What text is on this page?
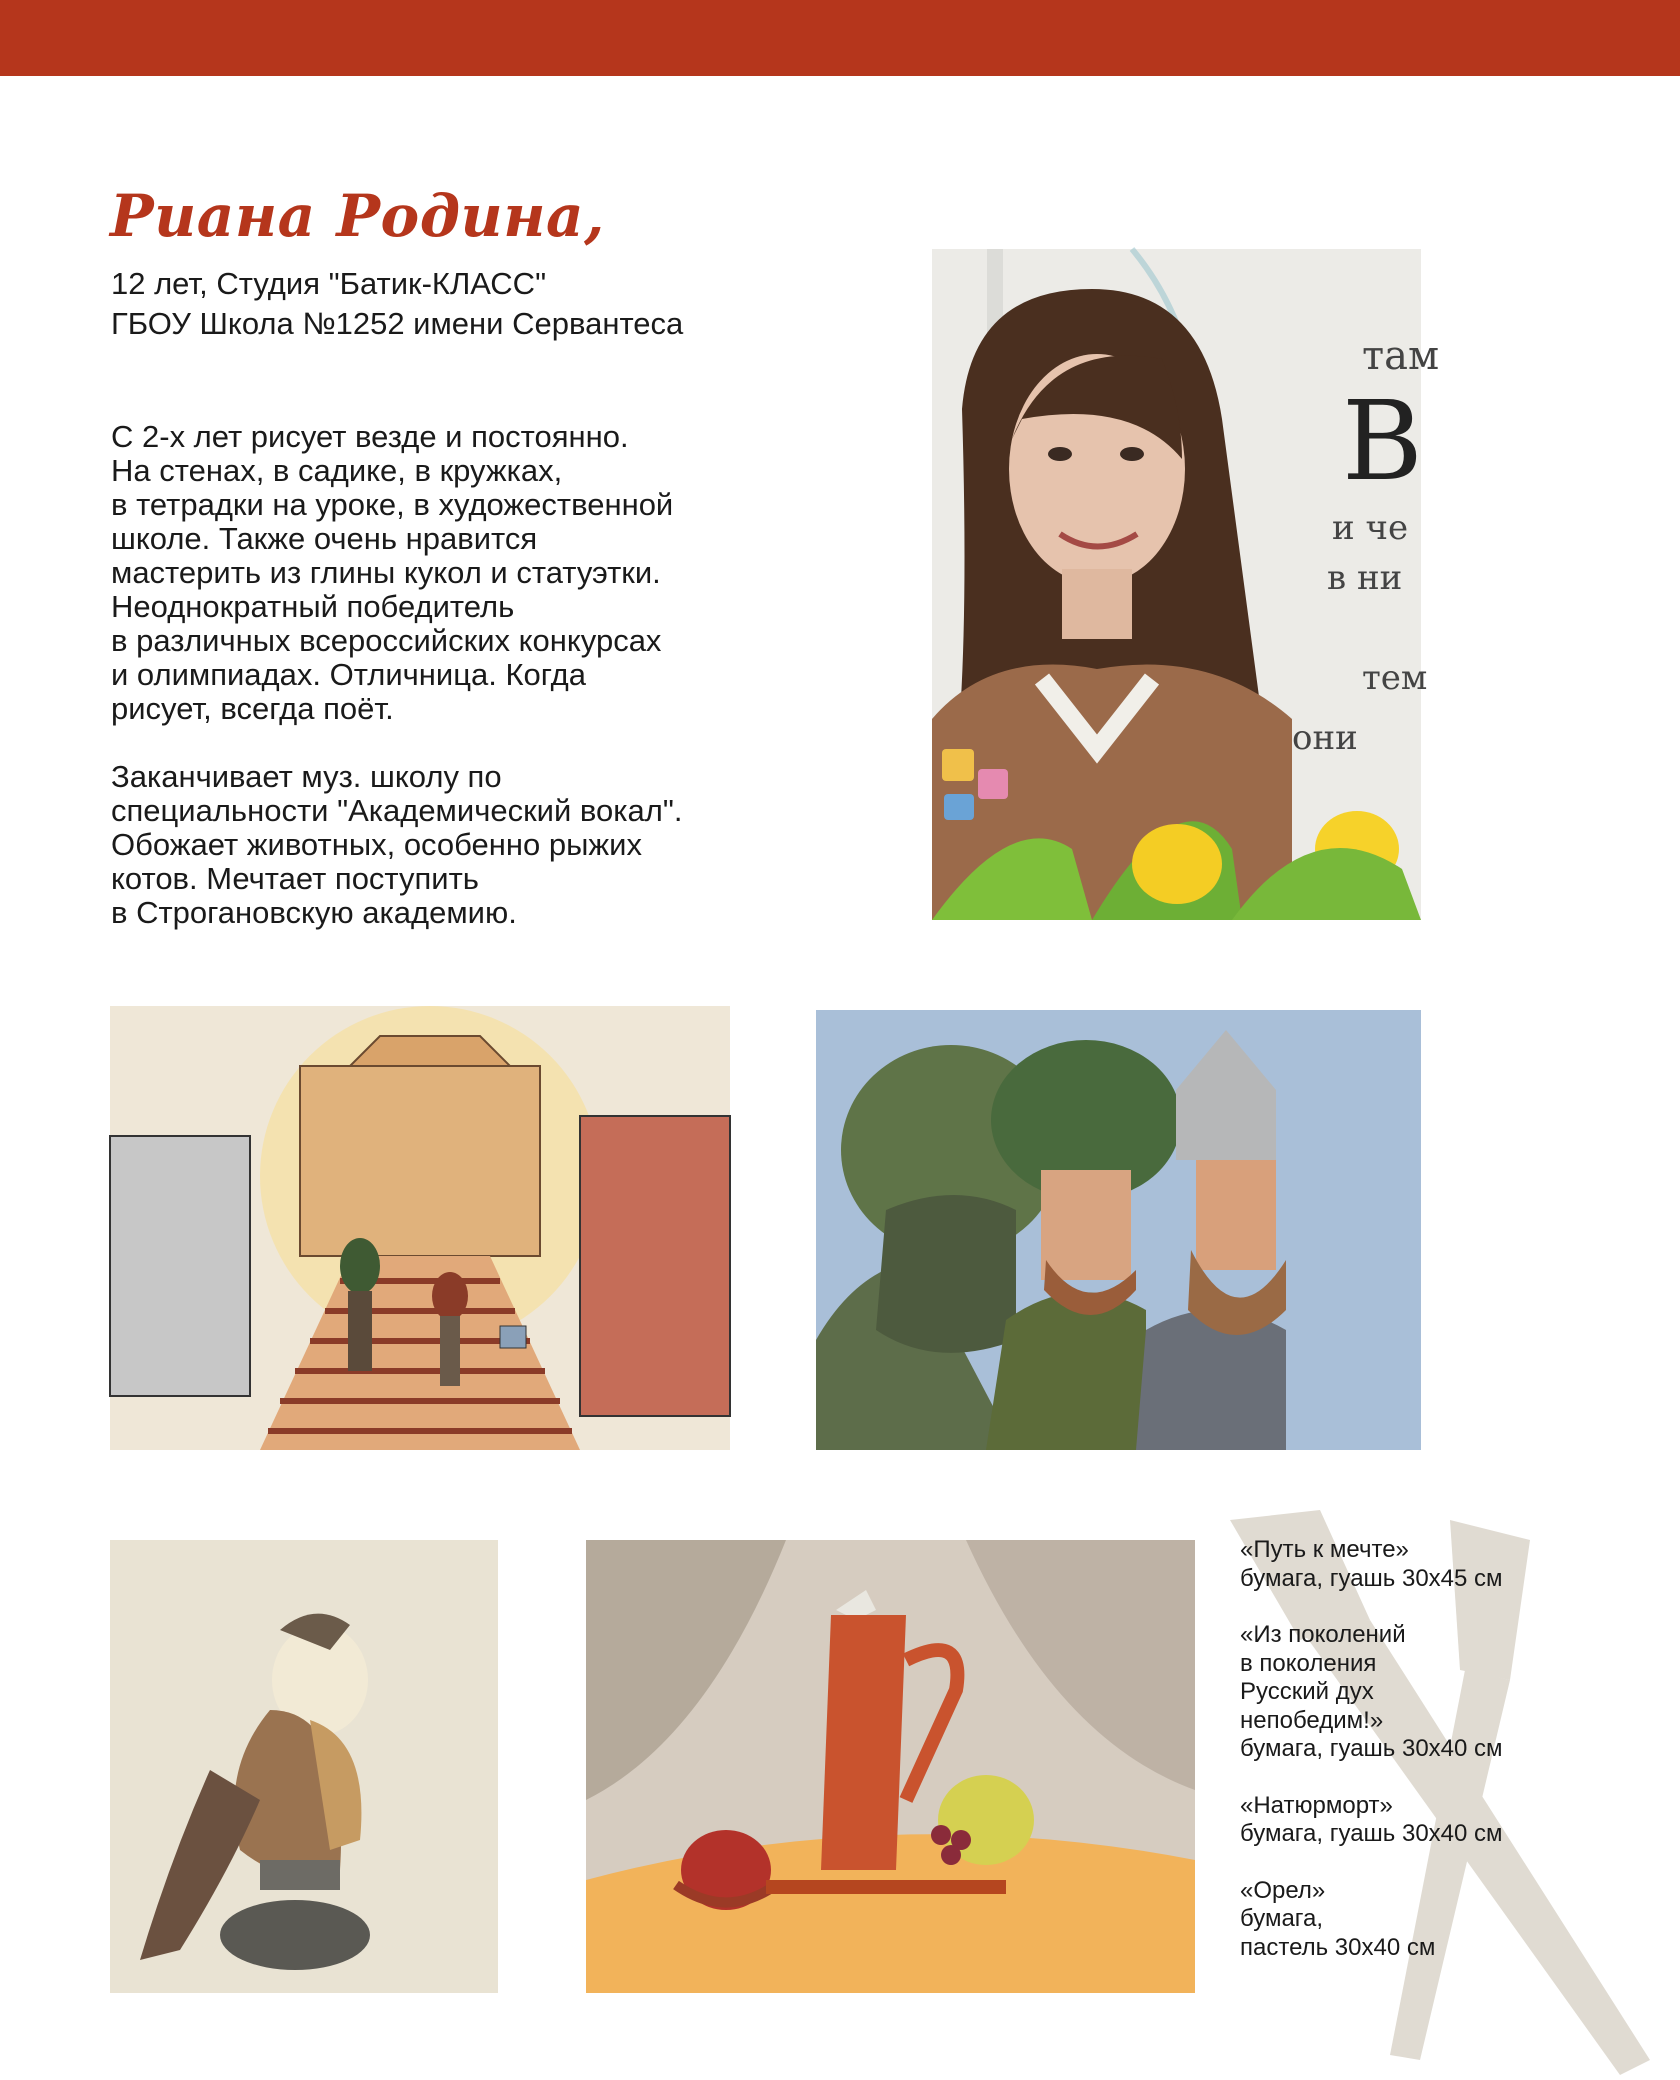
Риана Родина,
12 лет, Студия "Батик-КЛАСС"
ГБОУ Школа №1252 имени Сервантеса

С 2-х лет рисует везде и постоянно.
На стенах, в садике, в кружках,
в тетрадки на уроке, в художественной
школе. Также очень нравится
мастерить из глины кукол и статуэтки.
Неоднократный победитель
в различных всероссийских конкурсах
и олимпиадах. Отличница. Когда
рисует, всегда поёт.

Заканчивает муз. школу по
специальности "Академический вокал".
Обожает животных, особенно рыжих
котов. Мечтает поступить
в Строгановскую академию.

там
В
и че
в ни
тем
они
«Путь к мечте»
бумага, гуашь 30х45 см
«Из поколений
в поколения
Русский дух
непобедим!»
бумага, гуашь 30х40 см
«Натюрморт»
бумага, гуашь 30х40 см
«Орел»
бумага,
пастель 30х40 см
